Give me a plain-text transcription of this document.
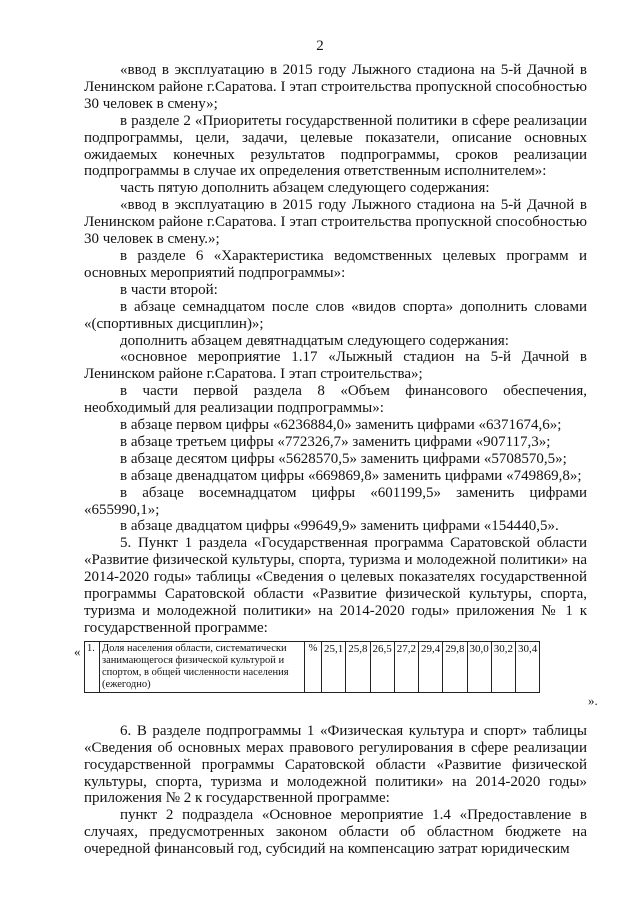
2

«ввод в эксплуатацию в 2015 году Лыжного стадиона на 5-й Дачной в Ленинском районе г.Саратова. I этап строительства пропускной способностью 30 человек в смену»;

в разделе 2 «Приоритеты государственной политики в сфере реализации подпрограммы, цели, задачи, целевые показатели, описание основных ожидаемых конечных результатов подпрограммы, сроков реализации подпрограммы в случае их определения ответственным исполнителем»:

часть пятую дополнить абзацем следующего содержания:

«ввод в эксплуатацию в 2015 году Лыжного стадиона на 5-й Дачной в Ленинском районе г.Саратова. I этап строительства пропускной способностью 30 человек в смену.»;

в разделе 6 «Характеристика ведомственных целевых программ и основных мероприятий подпрограммы»:

в части второй:

в абзаце семнадцатом после слов «видов спорта» дополнить словами «(спортивных дисциплин)»;

дополнить абзацем девятнадцатым следующего содержания:

«основное мероприятие 1.17 «Лыжный стадион на 5-й Дачной в Ленинском районе г.Саратова. I этап строительства»;

в части первой раздела 8 «Объем финансового обеспечения, необходимый для реализации подпрограммы»:

в абзаце первом цифры «6236884,0» заменить цифрами «6371674,6»;

в абзаце третьем цифры «772326,7» заменить цифрами «907117,3»;

в абзаце десятом цифры «5628570,5» заменить цифрами «5708570,5»;

в абзаце двенадцатом цифры «669869,8» заменить цифрами «749869,8»;

в абзаце восемнадцатом цифры «601199,5» заменить цифрами «655990,1»;

в абзаце двадцатом цифры «99649,9» заменить цифрами «154440,5».

5. Пункт 1 раздела «Государственная программа Саратовской области «Развитие физической культуры, спорта, туризма и молодежной политики» на 2014-2020 годы» таблицы «Сведения о целевых показателях государственной программы Саратовской области «Развитие физической культуры, спорта, туризма и молодежной политики» на 2014-2020 годы» приложения № 1 к государственной программе:

« 1.	Доля населения области, систематически занимающегося физической культурой и спортом, в общей численности населения (ежегодно)	%	25,1	25,8	26,5	27,2	29,4	29,8	30,0	30,2	30,4
».

6. В разделе подпрограммы 1 «Физическая культура и спорт» таблицы «Сведения об основных мерах правового регулирования в сфере реализации государственной программы Саратовской области «Развитие физической культуры, спорта, туризма и молодежной политики» на 2014-2020 годы» приложения № 2 к государственной программе:

пункт 2 подраздела «Основное мероприятие 1.4 «Предоставление в случаях, предусмотренных законом области об областном бюджете на очередной финансовый год, субсидий на компенсацию затрат юридическим
